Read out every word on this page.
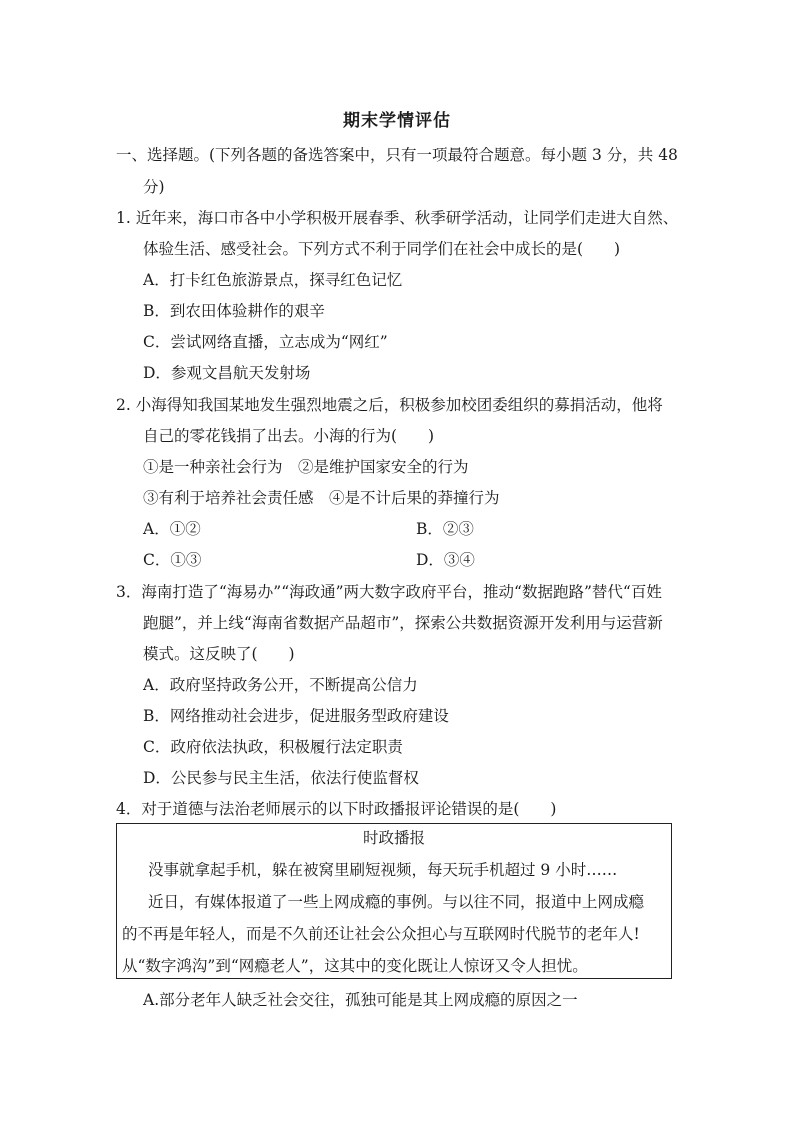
期末学情评估
一、选择题。(下列各题的备选答案中，只有一项最符合题意。每小题 3 分，共 48
分)
1. 近年来，海口市各中小学积极开展春季、秋季研学活动，让同学们走进大自然、
体验生活、感受社会。下列方式不利于同学们在社会中成长的是(　　)
A．打卡红色旅游景点，探寻红色记忆
B．到农田体验耕作的艰辛
C．尝试网络直播，立志成为“网红”
D．参观文昌航天发射场
2. 小海得知我国某地发生强烈地震之后，积极参加校团委组织的募捐活动，他将
自己的零花钱捐了出去。小海的行为(　　)
①是一种亲社会行为　②是维护国家安全的行为
③有利于培养社会责任感　④是不计后果的莽撞行为
A．①②	B．②③
C．①③	D．③④
3．海南打造了“海易办”“海政通”两大数字政府平台，推动“数据跑路”替代“百姓
跑腿”，并上线“海南省数据产品超市”，探索公共数据资源开发利用与运营新
模式。这反映了(　　)
A．政府坚持政务公开，不断提高公信力
B．网络推动社会进步，促进服务型政府建设
C．政府依法执政，积极履行法定职责
D．公民参与民主生活，依法行使监督权
4．对于道德与法治老师展示的以下时政播报评论错误的是(　　)
时政播报
没事就拿起手机，躲在被窝里刷短视频，每天玩手机超过 9 小时……
近日，有媒体报道了一些上网成瘾的事例。与以往不同，报道中上网成瘾
的不再是年轻人，而是不久前还让社会公众担心与互联网时代脱节的老年人!
从“数字鸿沟”到“网瘾老人”，这其中的变化既让人惊讶又令人担忧。
A.部分老年人缺乏社会交往，孤独可能是其上网成瘾的原因之一
